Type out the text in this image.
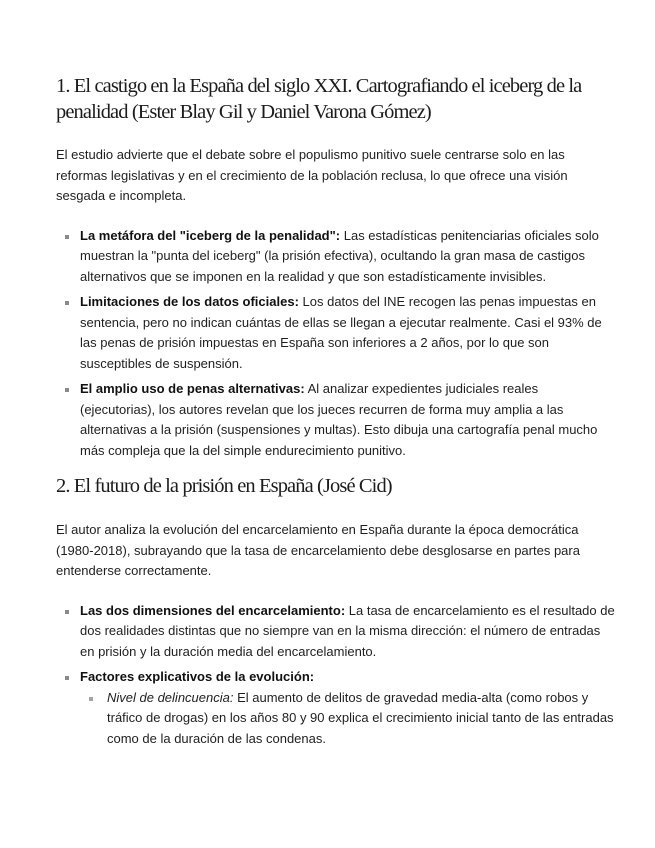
1. El castigo en la España del siglo XXI. Cartografiando el iceberg de la penalidad (Ester Blay Gil y Daniel Varona Gómez)

El estudio advierte que el debate sobre el populismo punitivo suele centrarse solo en las reformas legislativas y en el crecimiento de la población reclusa, lo que ofrece una visión sesgada e incompleta.

La metáfora del "iceberg de la penalidad": Las estadísticas penitenciarias oficiales solo muestran la "punta del iceberg" (la prisión efectiva), ocultando la gran masa de castigos alternativos que se imponen en la realidad y que son estadísticamente invisibles.
Limitaciones de los datos oficiales: Los datos del INE recogen las penas impuestas en sentencia, pero no indican cuántas de ellas se llegan a ejecutar realmente. Casi el 93% de las penas de prisión impuestas en España son inferiores a 2 años, por lo que son susceptibles de suspensión.
El amplio uso de penas alternativas: Al analizar expedientes judiciales reales (ejecutorias), los autores revelan que los jueces recurren de forma muy amplia a las alternativas a la prisión (suspensiones y multas). Esto dibuja una cartografía penal mucho más compleja que la del simple endurecimiento punitivo.
2. El futuro de la prisión en España (José Cid)

El autor analiza la evolución del encarcelamiento en España durante la época democrática (1980-2018), subrayando que la tasa de encarcelamiento debe desglosarse en partes para entenderse correctamente.

Las dos dimensiones del encarcelamiento: La tasa de encarcelamiento es el resultado de dos realidades distintas que no siempre van en la misma dirección: el número de entradas en prisión y la duración media del encarcelamiento.
Factores explicativos de la evolución:
Nivel de delincuencia: El aumento de delitos de gravedad media-alta (como robos y tráfico de drogas) en los años 80 y 90 explica el crecimiento inicial tanto de las entradas como de la duración de las condenas.
